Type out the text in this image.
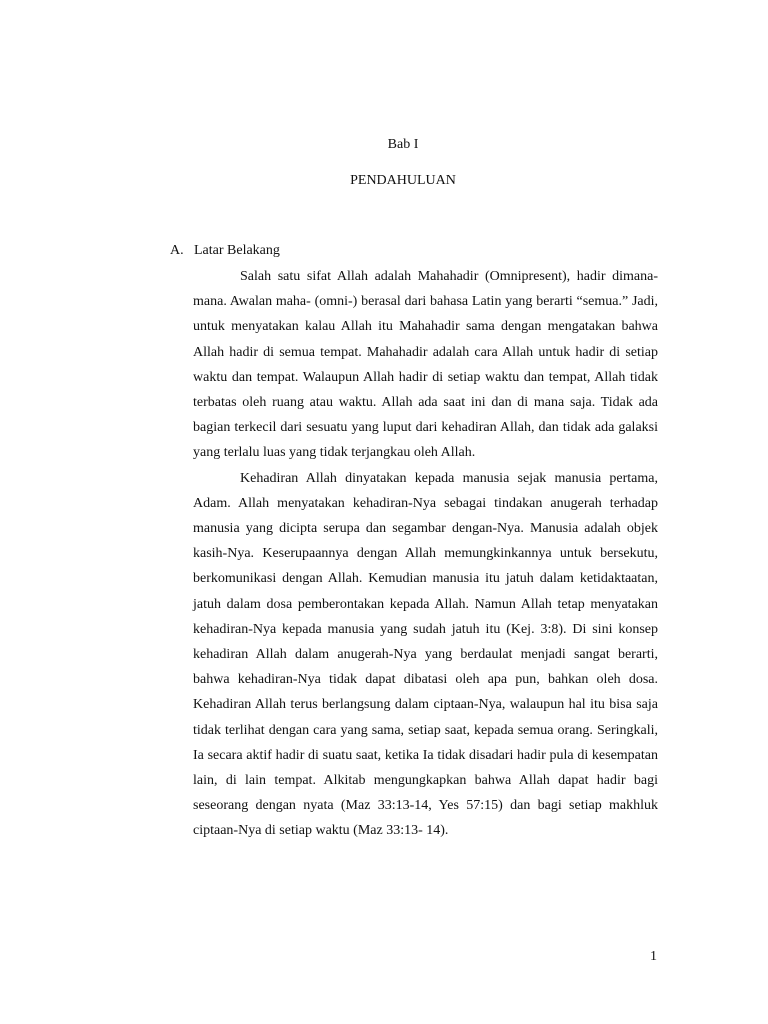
Bab I
PENDAHULUAN
A. Latar Belakang

Salah satu sifat Allah adalah Mahahadir (Omnipresent), hadir dimana-mana. Awalan maha- (omni-) berasal dari bahasa Latin yang berarti “semua.” Jadi, untuk menyatakan kalau Allah itu Mahahadir sama dengan mengatakan bahwa Allah hadir di semua tempat. Mahahadir adalah cara Allah untuk hadir di setiap waktu dan tempat. Walaupun Allah hadir di setiap waktu dan tempat, Allah tidak terbatas oleh ruang atau waktu. Allah ada saat ini dan di mana saja. Tidak ada bagian terkecil dari sesuatu yang luput dari kehadiran Allah, dan tidak ada galaksi yang terlalu luas yang tidak terjangkau oleh Allah.

Kehadiran Allah dinyatakan kepada manusia sejak manusia pertama, Adam. Allah menyatakan kehadiran-Nya sebagai tindakan anugerah terhadap manusia yang dicipta serupa dan segambar dengan-Nya. Manusia adalah objek kasih-Nya. Keserupaannya dengan Allah memungkinkannya untuk bersekutu, berkomunikasi dengan Allah. Kemudian manusia itu jatuh dalam ketidaktaatan, jatuh dalam dosa pemberontakan kepada Allah. Namun Allah tetap menyatakan kehadiran-Nya kepada manusia yang sudah jatuh itu (Kej. 3:8). Di sini konsep kehadiran Allah dalam anugerah-Nya yang berdaulat menjadi sangat berarti, bahwa kehadiran-Nya tidak dapat dibatasi oleh apa pun, bahkan oleh dosa. Kehadiran Allah terus berlangsung dalam ciptaan-Nya, walaupun hal itu bisa saja tidak terlihat dengan cara yang sama, setiap saat, kepada semua orang. Seringkali, Ia secara aktif hadir di suatu saat, ketika Ia tidak disadari hadir pula di kesempatan lain, di lain tempat. Alkitab mengungkapkan bahwa Allah dapat hadir bagi seseorang dengan nyata (Maz 33:13-14, Yes 57:15) dan bagi setiap makhluk ciptaan-Nya di setiap waktu (Maz 33:13- 14).

1
